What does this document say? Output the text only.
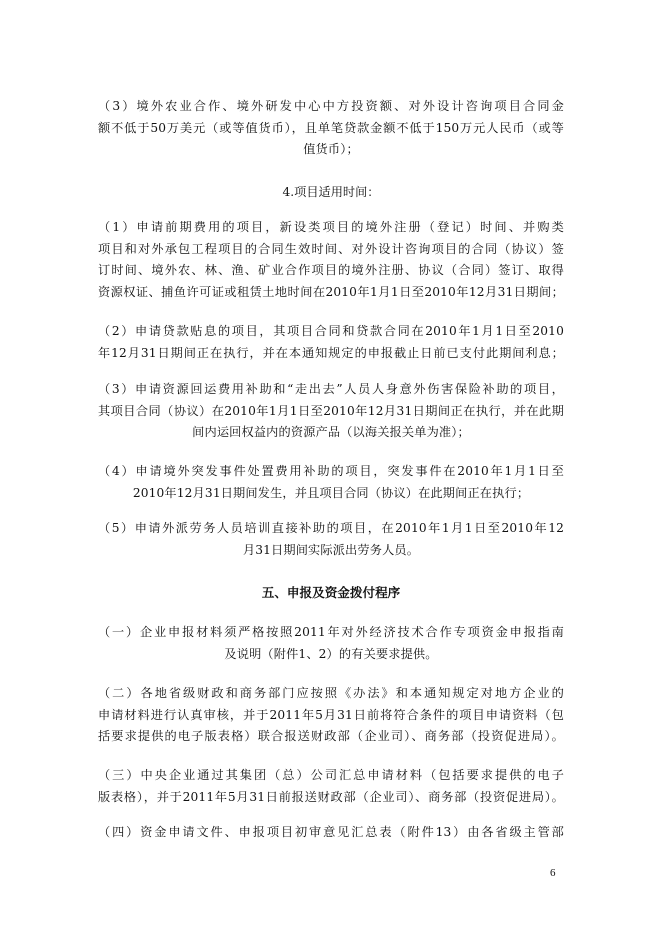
（3）境外农业合作、境外研发中心中方投资额、对外设计咨询项目合同金
额不低于50万美元（或等值货币），且单笔贷款金额不低于150万元人民币（或等
值货币）；
4.项目适用时间：
（1）申请前期费用的项目，新设类项目的境外注册（登记）时间、并购类
项目和对外承包工程项目的合同生效时间、对外设计咨询项目的合同（协议）签
订时间、境外农、林、渔、矿业合作项目的境外注册、协议（合同）签订、取得
资源权证、捕鱼许可证或租赁土地时间在2010年1月1日至2010年12月31日期间；
（2）申请贷款贴息的项目，其项目合同和贷款合同在2010年1月1日至2010
年12月31日期间正在执行，并在本通知规定的申报截止日前已支付此期间利息；
（3）申请资源回运费用补助和“走出去”人员人身意外伤害保险补助的项目，
其项目合同（协议）在2010年1月1日至2010年12月31日期间正在执行，并在此期
间内运回权益内的资源产品（以海关报关单为准）；
（4）申请境外突发事件处置费用补助的项目，突发事件在2010年1月1日至
2010年12月31日期间发生，并且项目合同（协议）在此期间正在执行；
（5）申请外派劳务人员培训直接补助的项目，在2010年1月1日至2010年12
月31日期间实际派出劳务人员。
五、申报及资金拨付程序
（一）企业申报材料须严格按照2011年对外经济技术合作专项资金申报指南
及说明（附件1、2）的有关要求提供。
（二）各地省级财政和商务部门应按照《办法》和本通知规定对地方企业的
申请材料进行认真审核，并于2011年5月31日前将符合条件的项目申请资料（包
括要求提供的电子版表格）联合报送财政部（企业司）、商务部（投资促进局）。
（三）中央企业通过其集团（总）公司汇总申请材料（包括要求提供的电子
版表格），并于2011年5月31日前报送财政部（企业司）、商务部（投资促进局）。
（四）资金申请文件、申报项目初审意见汇总表（附件13）由各省级主管部
6
